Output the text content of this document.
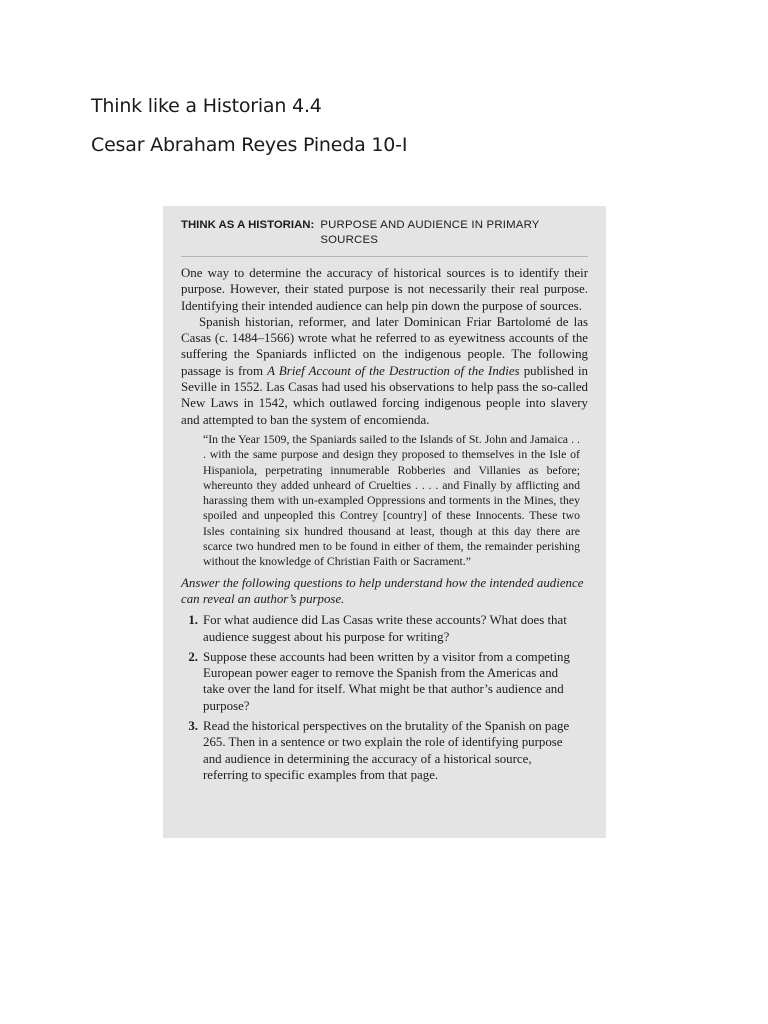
Think like a Historian 4.4

Cesar Abraham Reyes Pineda 10-I

THINK AS A HISTORIAN: PURPOSE AND AUDIENCE IN PRIMARY SOURCES

One way to determine the accuracy of historical sources is to identify their purpose. However, their stated purpose is not necessarily their real purpose. Identifying their intended audience can help pin down the purpose of sources.

Spanish historian, reformer, and later Dominican Friar Bartolomé de las Casas (c. 1484–1566) wrote what he referred to as eyewitness accounts of the suffering the Spaniards inflicted on the indigenous people. The following passage is from A Brief Account of the Destruction of the Indies published in Seville in 1552. Las Casas had used his observations to help pass the so-called New Laws in 1542, which outlawed forcing indigenous people into slavery and attempted to ban the system of encomienda.

“In the Year 1509, the Spaniards sailed to the Islands of St. John and Jamaica . . . with the same purpose and design they proposed to themselves in the Isle of Hispaniola, perpetrating innumerable Robberies and Villanies as before; whereunto they added unheard of Cruelties . . . . and Finally by afflicting and harassing them with un-exampled Oppressions and torments in the Mines, they spoiled and unpeopled this Contrey [country] of these Innocents. These two Isles containing six hundred thousand at least, though at this day there are scarce two hundred men to be found in either of them, the remainder perishing without the knowledge of Christian Faith or Sacrament.”

Answer the following questions to help understand how the intended audience can reveal an author’s purpose.

1. For what audience did Las Casas write these accounts? What does that audience suggest about his purpose for writing?
2. Suppose these accounts had been written by a visitor from a competing European power eager to remove the Spanish from the Americas and take over the land for itself. What might be that author’s audience and purpose?
3. Read the historical perspectives on the brutality of the Spanish on page 265. Then in a sentence or two explain the role of identifying purpose and audience in determining the accuracy of a historical source, referring to specific examples from that page.
